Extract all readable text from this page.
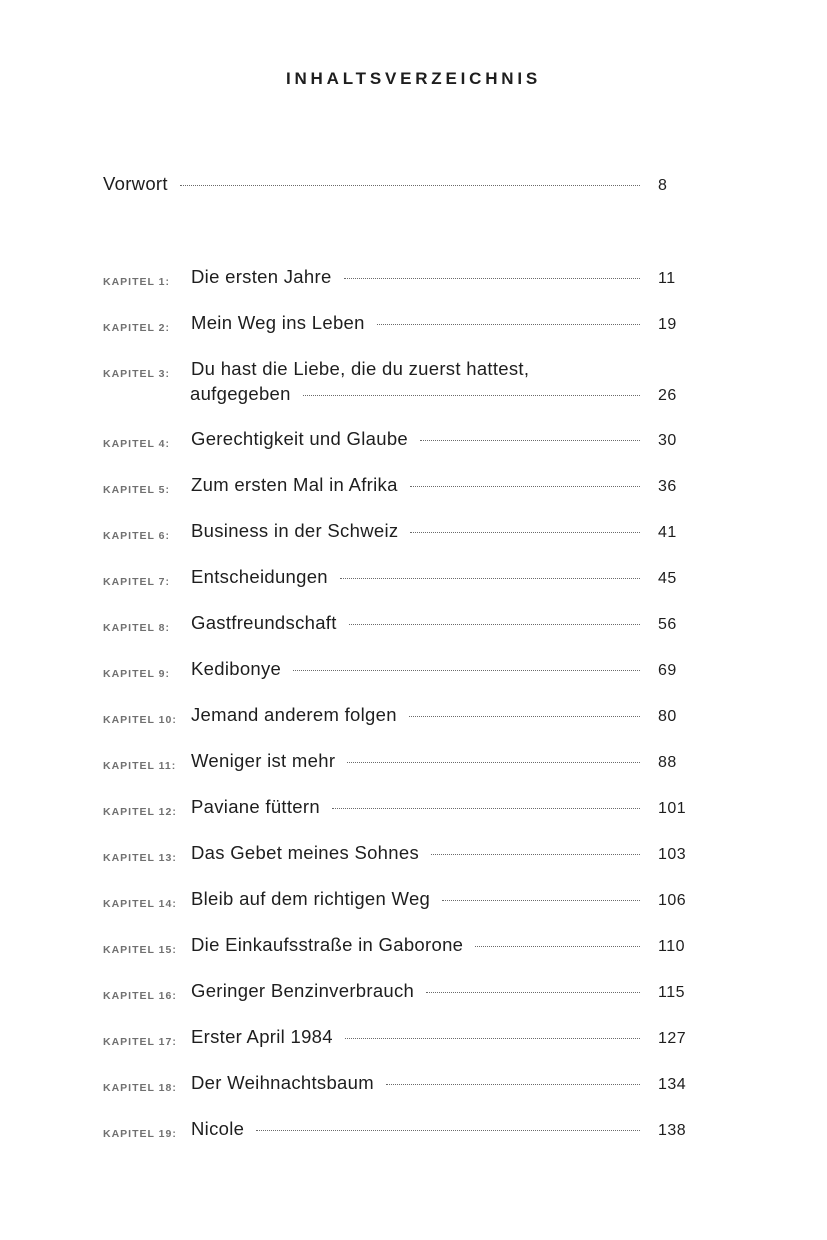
INHALTSVERZEICHNIS
Vorwort	8
KAPITEL 1: Die ersten Jahre	11
KAPITEL 2: Mein Weg ins Leben	19
KAPITEL 3: Du hast die Liebe, die du zuerst hattest,
aufgegeben	26
KAPITEL 4: Gerechtigkeit und Glaube	30
KAPITEL 5: Zum ersten Mal in Afrika	36
KAPITEL 6: Business in der Schweiz	41
KAPITEL 7: Entscheidungen	45
KAPITEL 8: Gastfreundschaft	56
KAPITEL 9: Kedibonye	69
KAPITEL 10: Jemand anderem folgen	80
KAPITEL 11: Weniger ist mehr	88
KAPITEL 12: Paviane füttern	101
KAPITEL 13: Das Gebet meines Sohnes	103
KAPITEL 14: Bleib auf dem richtigen Weg	106
KAPITEL 15: Die Einkaufsstraße in Gaborone	110
KAPITEL 16: Geringer Benzinverbrauch	115
KAPITEL 17: Erster April 1984	127
KAPITEL 18: Der Weihnachtsbaum	134
KAPITEL 19: Nicole	138
